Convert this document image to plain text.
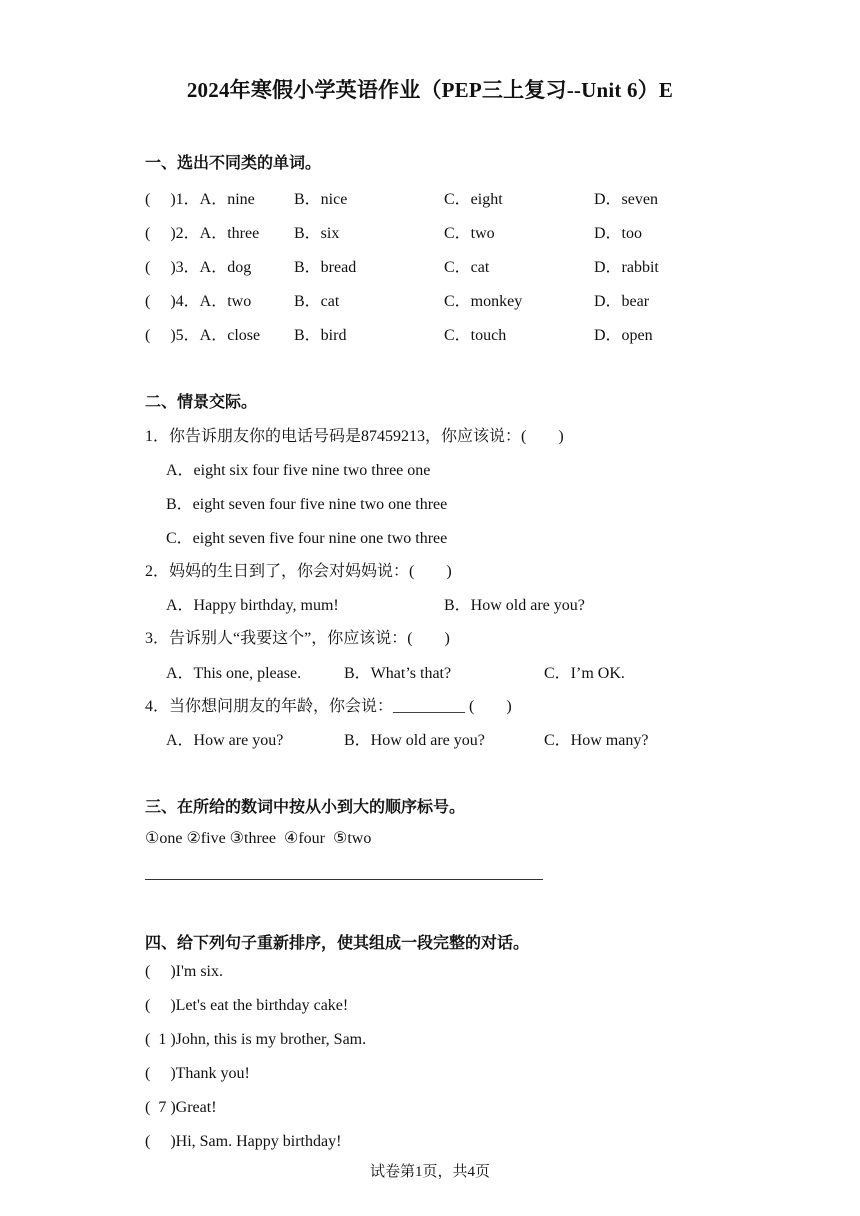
2024年寒假小学英语作业（PEP三上复习--Unit 6）E
一、选出不同类的单词。
(     )1．A．nine B．nice	C．eight	D．seven
(     )2．A．three B．six	C．two	D．too
(     )3．A．dog	B．bread	C．cat	D．rabbit
(     )4．A．two	B．cat	C．monkey	D．bear
(     )5．A．close B．bird	C．touch	D．open
二、情景交际。
1．你告诉朋友你的电话号码是87459213，你应该说：(        )
A．eight six four five nine two three one
B．eight seven four five nine two one three
C．eight seven five four nine one two three
2．妈妈的生日到了，你会对妈妈说：(        )
A．Happy birthday, mum!	B．How old are you?
3．告诉别人“我要这个”，你应该说：(        )
A．This one, please.	B．What’s that?	C．I’m OK.
4．当你想问朋友的年龄，你会说：_________ (        )
A．How are you?	B．How old are you?	C．How many?
三、在所给的数词中按从小到大的顺序标号。
①one ②five ③three  ④four  ⑤two
四、给下列句子重新排序，使其组成一段完整的对话。
(     )I'm six.
(     )Let's eat the birthday cake!
(  1 )John, this is my brother, Sam.
(     )Thank you!
(  7 )Great!
(     )Hi, Sam. Happy birthday!
试卷第1页，共4页
